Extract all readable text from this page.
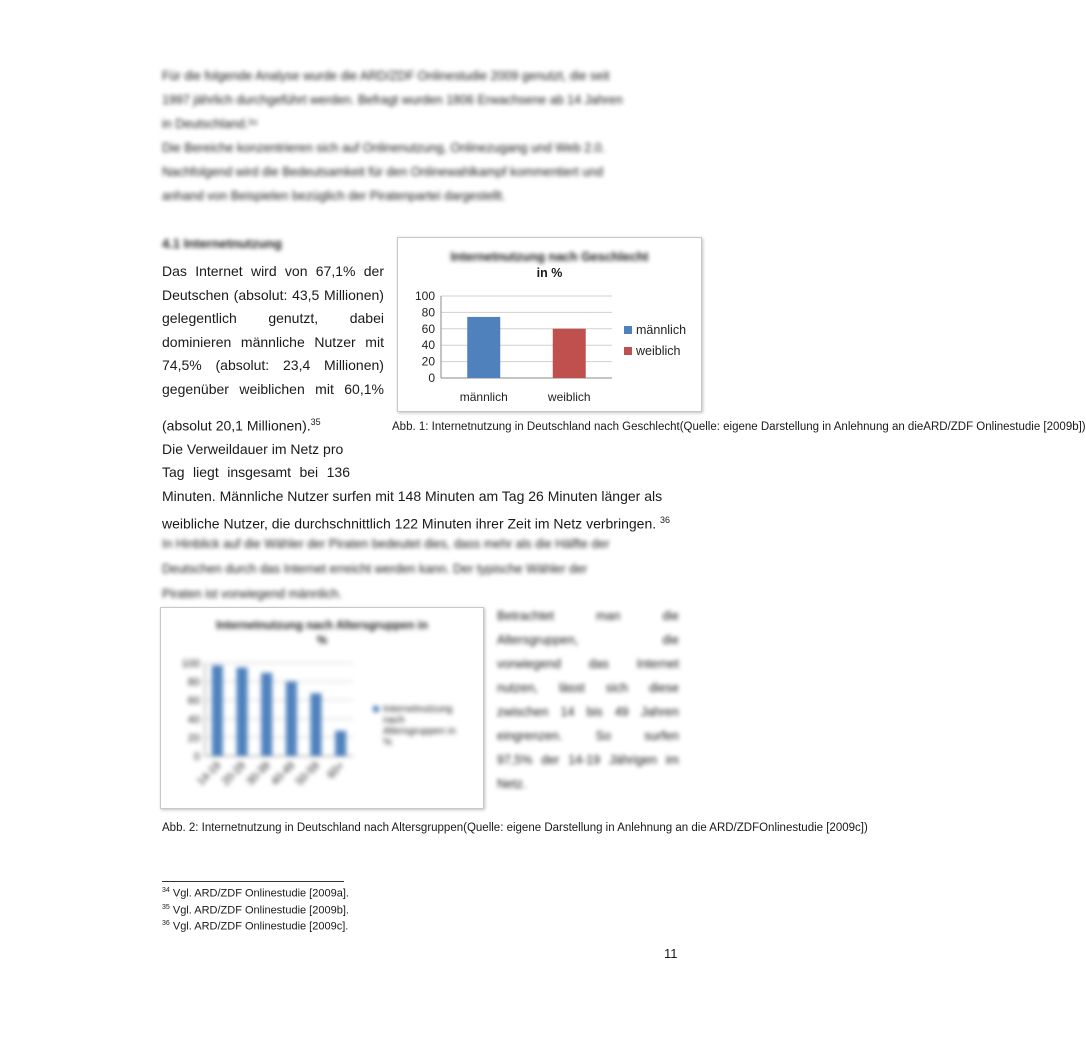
Für die folgende Analyse wurde die ARD/ZDF Onlinestudie 2009 genutzt, die seit
1997 jährlich durchgeführt werden. Befragt wurden 1806 Erwachsene ab 14 Jahren
in Deutschland.³⁴
Die Bereiche konzentrieren sich auf Onlinenutzung, Onlinezugang und Web 2.0.
Nachfolgend wird die Bedeutsamkeit für den Onlinewahlkampf kommentiert und
anhand von Beispielen bezüglich der Piratenpartei dargestellt.
4.1 Internetnutzung
Das Internet wird von 67,1% der
Deutschen (absolut: 43,5 Millionen)
gelegentlich genutzt, dabei
dominieren männliche Nutzer mit
74,5% (absolut: 23,4 Millionen)
gegenüber weiblichen mit 60,1%
(absolut 20,1 Millionen).$^{35}$
Die Verweildauer im Netz pro
Tag liegt insgesamt bei 136
Minuten. Männliche Nutzer surfen mit 148 Minuten am Tag 26 Minuten länger als
weibliche Nutzer, die durchschnittlich 122 Minuten ihrer Zeit im Netz verbringen. $^{36}$
In Hinblick auf die Wähler der Piraten bedeutet dies, dass mehr als die Hälfte der
Deutschen durch das Internet erreicht werden kann. Der typische Wähler der
Piraten ist vorwiegend männlich.
Internetnutzung nach Geschlecht
in %
0
20
40
60
80
100
männlich	weiblich
männlich
weiblich
Abb. 1: Internetnutzung in Deutschland nach Geschlecht(Quelle: eigene Darstellung in Anlehnung an dieARD/ZDF Onlinestudie [2009b])
Internetnutzung nach Altersgruppen in
%
0
20
40
60
80
100
14-19
20-29
30-39
40-49
50-59 60+
Internetnutzung
nach
Altersgruppen in
%
Betrachtet	man	die
Altersgruppen,	die
vorwiegend das Internet
nutzen, lässt sich diese
zwischen 14 bis 49 Jahren
eingrenzen.	So	surfen
97,5% der 14-19 Jährigen im
Netz.
Abb. 2: Internetnutzung in Deutschland nach Altersgruppen(Quelle: eigene Darstellung in Anlehnung an die ARD/ZDFOnlinestudie [2009c])
$^{34}$ Vgl. ARD/ZDF Onlinestudie [2009a].
$^{35}$ Vgl. ARD/ZDF Onlinestudie [2009b].
$^{36}$ Vgl. ARD/ZDF Onlinestudie [2009c].
11
